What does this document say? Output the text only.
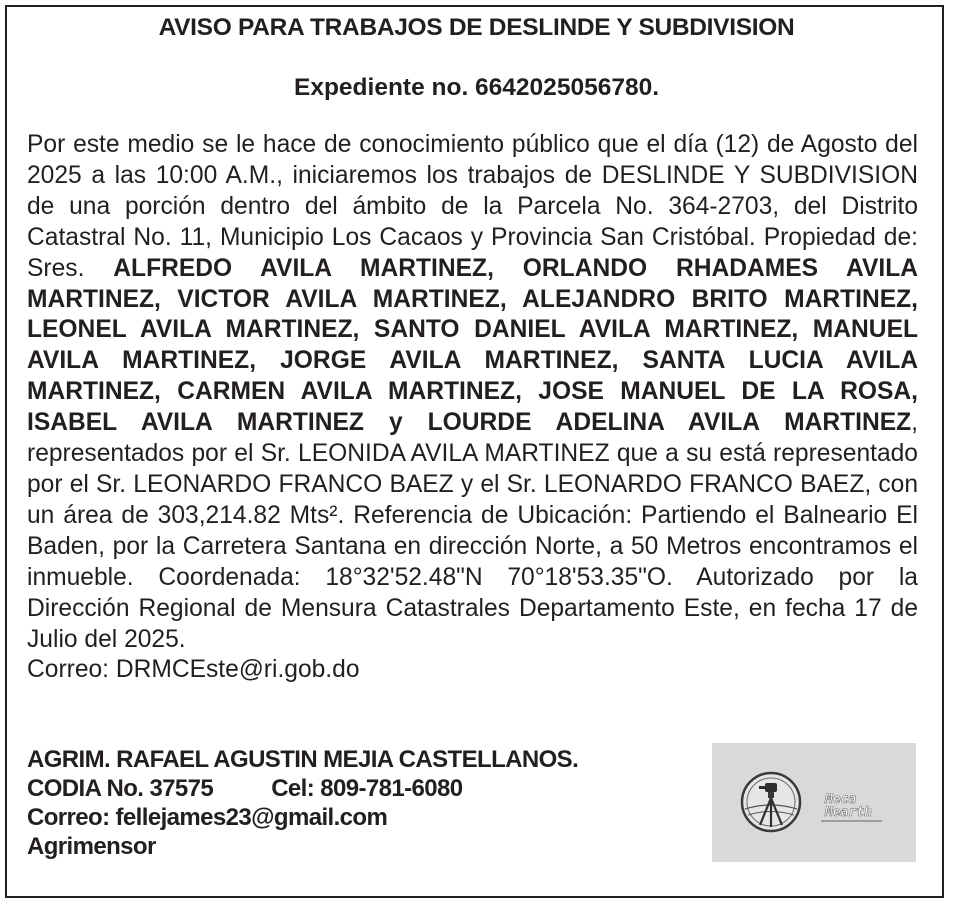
AVISO PARA TRABAJOS DE DESLINDE Y SUBDIVISION
Expediente no. 6642025056780.
Por este medio se le hace de conocimiento público que el día (12) de Agosto del 2025 a las 10:00 A.M., iniciaremos los trabajos de DESLINDE Y SUBDIVISION de una porción dentro del ámbito de la Parcela No. 364-2703, del Distrito Catastral No. 11, Municipio Los Cacaos y Provincia San Cristóbal. Propiedad de: Sres. ALFREDO AVILA MARTINEZ, ORLANDO RHADAMES AVILA MARTINEZ, VICTOR AVILA MARTINEZ, ALEJANDRO BRITO MARTINEZ, LEONEL AVILA MARTINEZ, SANTO DANIEL AVILA MARTINEZ, MANUEL AVILA MARTINEZ, JORGE AVILA MARTINEZ, SANTA LUCIA AVILA MARTINEZ, CARMEN AVILA MARTINEZ, JOSE MANUEL DE LA ROSA, ISABEL AVILA MARTINEZ y LOURDE ADELINA AVILA MARTINEZ, representados por el Sr. LEONIDA AVILA MARTINEZ que a su está representado por el Sr. LEONARDO FRANCO BAEZ y el Sr. LEONARDO FRANCO BAEZ, con un área de 303,214.82 Mts². Referencia de Ubicación: Partiendo el Balneario El Baden, por la Carretera Santana en dirección Norte, a 50 Metros encontramos el inmueble. Coordenada: 18°32'52.48"N 70°18'53.35"O. Autorizado por la Dirección Regional de Mensura Catastrales Departamento Este, en fecha 17 de Julio del 2025.
Correo: DRMCEste@ri.gob.do
AGRIM. RAFAEL AGUSTIN MEJIA CASTELLANOS.
CODIA No. 37575 Cel: 809-781-6080
Correo: fellejames23@gmail.com
Agrimensor
Meca
Mearth
